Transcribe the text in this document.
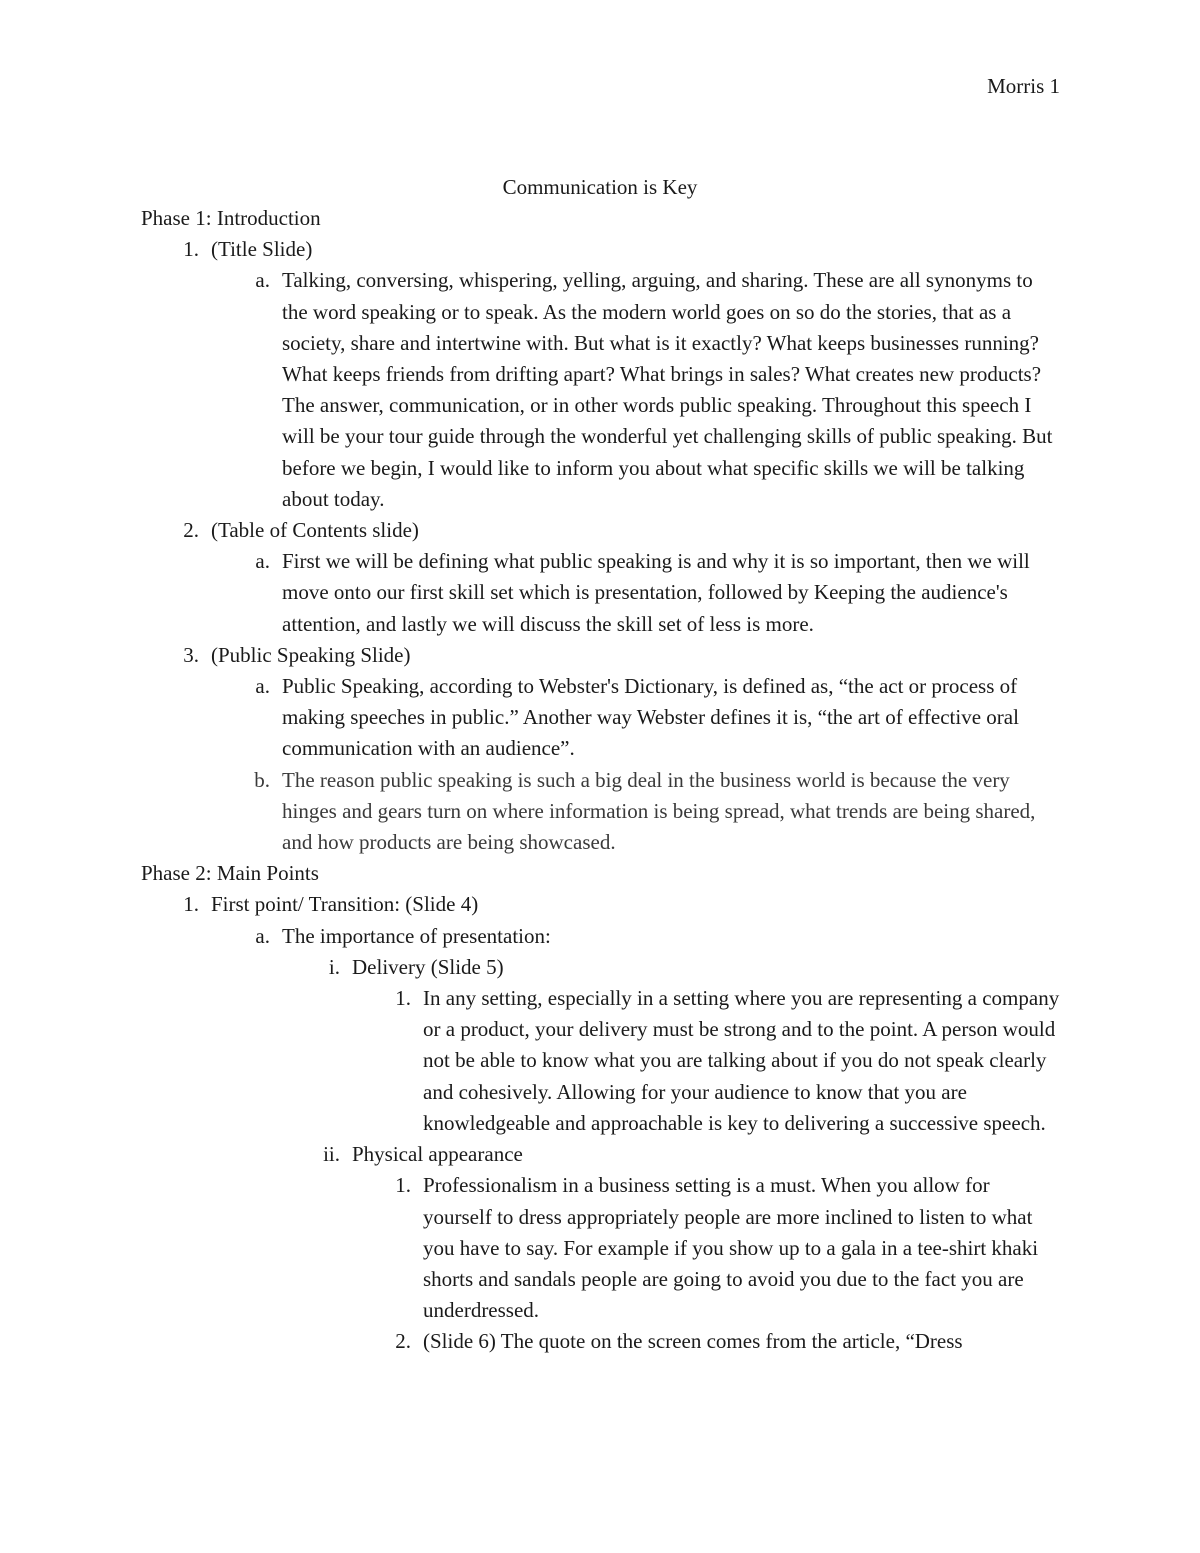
Morris 1
Communication is Key
Phase 1: Introduction
1. (Title Slide)
a. Talking, conversing, whispering, yelling, arguing, and sharing. These are all synonyms to the word speaking or to speak. As the modern world goes on so do the stories, that as a society, share and intertwine with. But what is it exactly? What keeps businesses running? What keeps friends from drifting apart? What brings in sales? What creates new products? The answer, communication, or in other words public speaking. Throughout this speech I will be your tour guide through the wonderful yet challenging skills of public speaking. But before we begin, I would like to inform you about what specific skills we will be talking about today.
2. (Table of Contents slide)
a. First we will be defining what public speaking is and why it is so important, then we will move onto our first skill set which is presentation, followed by Keeping the audience's attention, and lastly we will discuss the skill set of less is more.
3. (Public Speaking Slide)
a. Public Speaking, according to Webster's Dictionary, is defined as, “the act or process of making speeches in public.” Another way Webster defines it is, “the art of effective oral communication with an audience”.
b. The reason public speaking is such a big deal in the business world is because the very hinges and gears turn on where information is being spread, what trends are being shared, and how products are being showcased.
Phase 2: Main Points
1. First point/ Transition: (Slide 4)
a. The importance of presentation:
i. Delivery (Slide 5)
1. In any setting, especially in a setting where you are representing a company or a product, your delivery must be strong and to the point. A person would not be able to know what you are talking about if you do not speak clearly and cohesively. Allowing for your audience to know that you are knowledgeable and approachable is key to delivering a successive speech.
ii. Physical appearance
1. Professionalism in a business setting is a must. When you allow for yourself to dress appropriately people are more inclined to listen to what you have to say. For example if you show up to a gala in a tee-shirt khaki shorts and sandals people are going to avoid you due to the fact you are underdressed.
2. (Slide 6) The quote on the screen comes from the article, “Dress
